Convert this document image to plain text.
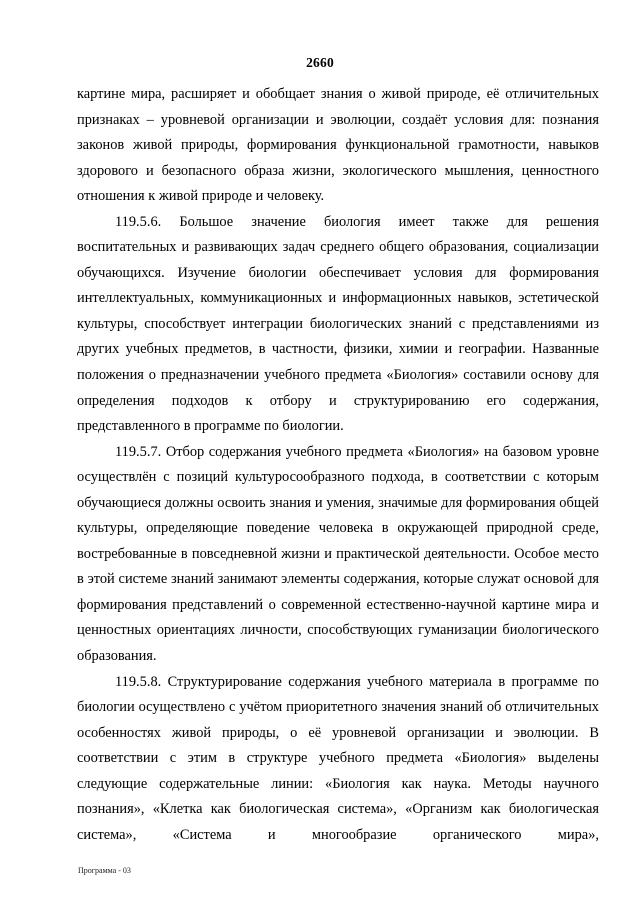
2660

картине мира, расширяет и обобщает знания о живой природе, её отличительных признаках – уровневой организации и эволюции, создаёт условия для: познания законов живой природы, формирования функциональной грамотности, навыков здорового и безопасного образа жизни, экологического мышления, ценностного отношения к живой природе и человеку.

119.5.6. Большое значение биология имеет также для решения воспитательных и развивающих задач среднего общего образования, социализации обучающихся. Изучение биологии обеспечивает условия для формирования интеллектуальных, коммуникационных и информационных навыков, эстетической культуры, способствует интеграции биологических знаний с представлениями из других учебных предметов, в частности, физики, химии и географии. Названные положения о предназначении учебного предмета «Биология» составили основу для определения подходов к отбору и структурированию его содержания, представленного в программе по биологии.

119.5.7. Отбор содержания учебного предмета «Биология» на базовом уровне осуществлён с позиций культуросообразного подхода, в соответствии с которым обучающиеся должны освоить знания и умения, значимые для формирования общей культуры, определяющие поведение человека в окружающей природной среде, востребованные в повседневной жизни и практической деятельности. Особое место в этой системе знаний занимают элементы содержания, которые служат основой для формирования представлений о современной естественно-научной картине мира и ценностных ориентациях личности, способствующих гуманизации биологического образования.

119.5.8. Структурирование содержания учебного материала в программе по биологии осуществлено с учётом приоритетного значения знаний об отличительных особенностях живой природы, о её уровневой организации и эволюции. В соответствии с этим в структуре учебного предмета «Биология» выделены следующие содержательные линии: «Биология как наука. Методы научного познания», «Клетка как биологическая система», «Организм как биологическая система», «Система и многообразие органического мира»,

Программа - 03
